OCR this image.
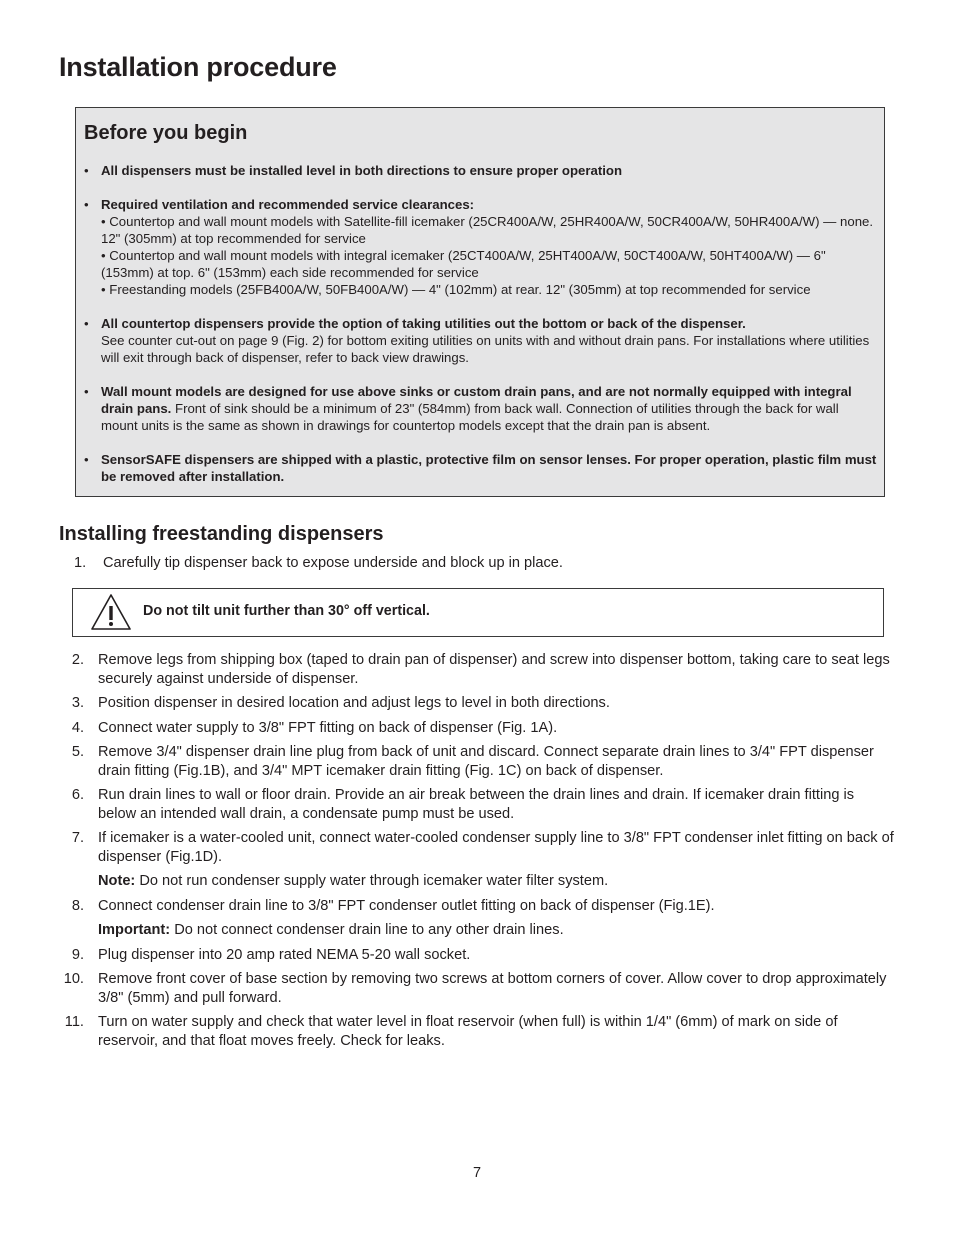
Installation procedure
Before you begin
• All dispensers must be installed level in both directions to ensure proper operation
• Required ventilation and recommended service clearances:
• Countertop and wall mount models with Satellite-fill icemaker (25CR400A/W, 25HR400A/W, 50CR400A/W, 50HR400A/W) — none. 12" (305mm) at top recommended for service
• Countertop and wall mount models with integral icemaker (25CT400A/W, 25HT400A/W, 50CT400A/W, 50HT400A/W) — 6" (153mm) at top. 6" (153mm) each side recommended for service
• Freestanding models (25FB400A/W, 50FB400A/W) — 4" (102mm) at rear. 12" (305mm) at top recommended for service
• All countertop dispensers provide the option of taking utilities out the bottom or back of the dispenser.
See counter cut-out on page 9 (Fig. 2) for bottom exiting utilities on units with and without drain pans. For installations where utilities will exit through back of dispenser, refer to back view drawings.
• Wall mount models are designed for use above sinks or custom drain pans, and are not normally equipped with integral drain pans. Front of sink should be a minimum of 23" (584mm) from back wall. Connection of utilities through the back for wall mount units is the same as shown in drawings for countertop models except that the drain pan is absent.
• SensorSAFE dispensers are shipped with a plastic, protective film on sensor lenses. For proper operation, plastic film must be removed after installation.
Installing freestanding dispensers
1. Carefully tip dispenser back to expose underside and block up in place.
Do not tilt unit further than 30° off vertical.
2. Remove legs from shipping box (taped to drain pan of dispenser) and screw into dispenser bottom, taking care to seat legs securely against underside of dispenser.
3. Position dispenser in desired location and adjust legs to level in both directions.
4. Connect water supply to 3/8" FPT fitting on back of dispenser (Fig. 1A).
5. Remove 3/4" dispenser drain line plug from back of unit and discard. Connect separate drain lines to 3/4" FPT dispenser drain fitting (Fig.1B), and 3/4" MPT icemaker drain fitting (Fig. 1C) on back of dispenser.
6. Run drain lines to wall or floor drain. Provide an air break between the drain lines and drain. If icemaker drain fitting is below an intended wall drain, a condensate pump must be used.
7. If icemaker is a water-cooled unit, connect water-cooled condenser supply line to 3/8" FPT condenser inlet fitting on back of dispenser (Fig.1D).
Note: Do not run condenser supply water through icemaker water filter system.
8. Connect condenser drain line to 3/8" FPT condenser outlet fitting on back of dispenser (Fig.1E).
Important: Do not connect condenser drain line to any other drain lines.
9. Plug dispenser into 20 amp rated NEMA 5-20 wall socket.
10. Remove front cover of base section by removing two screws at bottom corners of cover. Allow cover to drop approximately 3/8" (5mm) and pull forward.
11. Turn on water supply and check that water level in float reservoir (when full) is within 1/4" (6mm) of mark on side of reservoir, and that float moves freely. Check for leaks.
7
